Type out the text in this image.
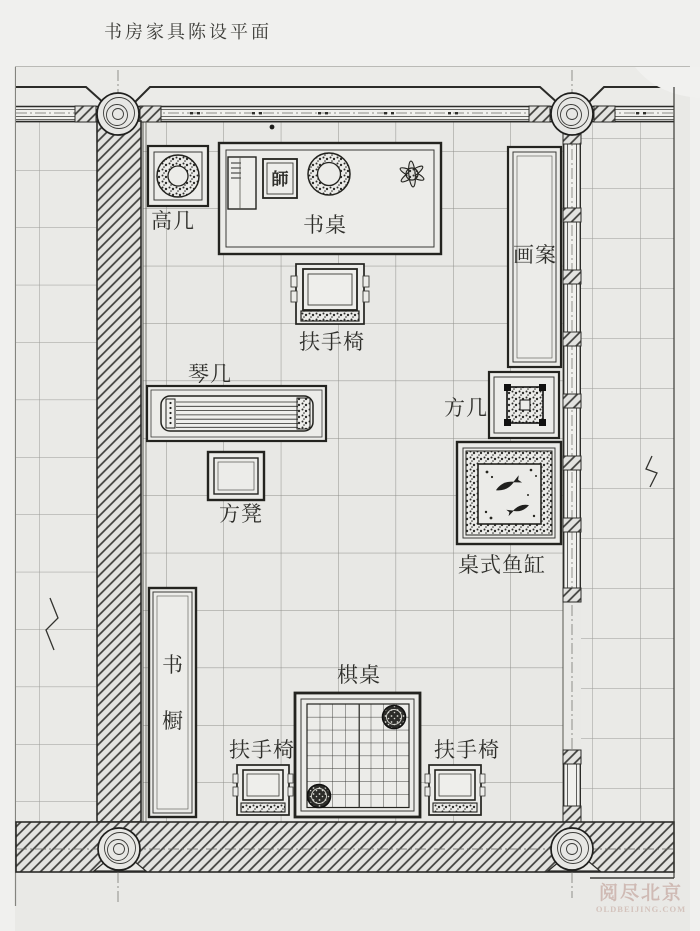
书房家具陈设平面
高几
師
书桌
扶手椅
画案
琴几
方几
方凳
桌式鱼缸
书
橱
棋桌
扶手椅	扶手椅
阅尽北京
OLDBEIJING.COM
